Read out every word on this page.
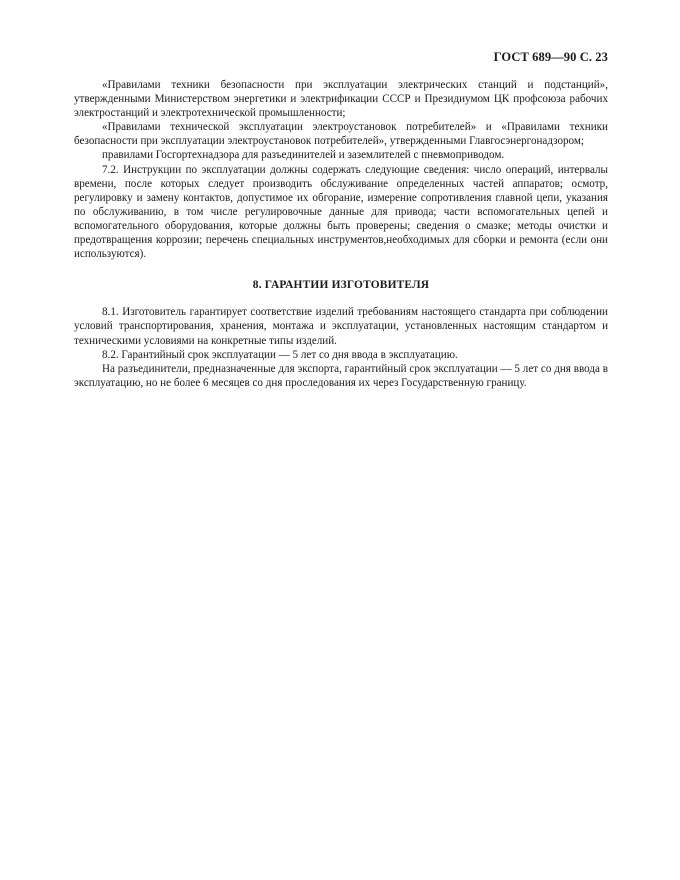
ГОСТ 689—90 С. 23

«Правилами техники безопасности при эксплуатации электрических станций и подстанций», утвержденными Министерством энергетики и электрификации СССР и Президиумом ЦК профсоюза рабочих электростанций и электротехнической промышленности;

«Правилами технической эксплуатации электроустановок потребителей» и «Правилами техники безопасности при эксплуатации электроустановок потребителей», утвержденными Главгосэнергонадзором;

правилами Госгортехнадзора для разъединителей и заземлителей с пневмоприводом.

7.2. Инструкции по эксплуатации должны содержать следующие сведения: число операций, интервалы времени, после которых следует производить обслуживание определенных частей аппаратов; осмотр, регулировку и замену контактов, допустимое их обгорание, измерение сопротивления главной цепи, указания по обслуживанию, в том числе регулировочные данные для привода; части вспомогательных цепей и вспомогательного оборудования, которые должны быть проверены; сведения о смазке; методы очистки и предотвращения коррозии; перечень специальных инструментов,необходимых для сборки и ремонта (если они используются).

8. ГАРАНТИИ ИЗГОТОВИТЕЛЯ

8.1. Изготовитель гарантирует соответствие изделий требованиям настоящего стандарта при соблюдении условий транспортирования, хранения, монтажа и эксплуатации, установленных настоящим стандартом и техническими условиями на конкретные типы изделий.

8.2. Гарантийный срок эксплуатации — 5 лет со дня ввода в эксплуатацию.

На разъединители, предназначенные для экспорта, гарантийный срок эксплуатации — 5 лет со дня ввода в эксплуатацию, но не более 6 месяцев со дня проследования их через Государственную границу.
